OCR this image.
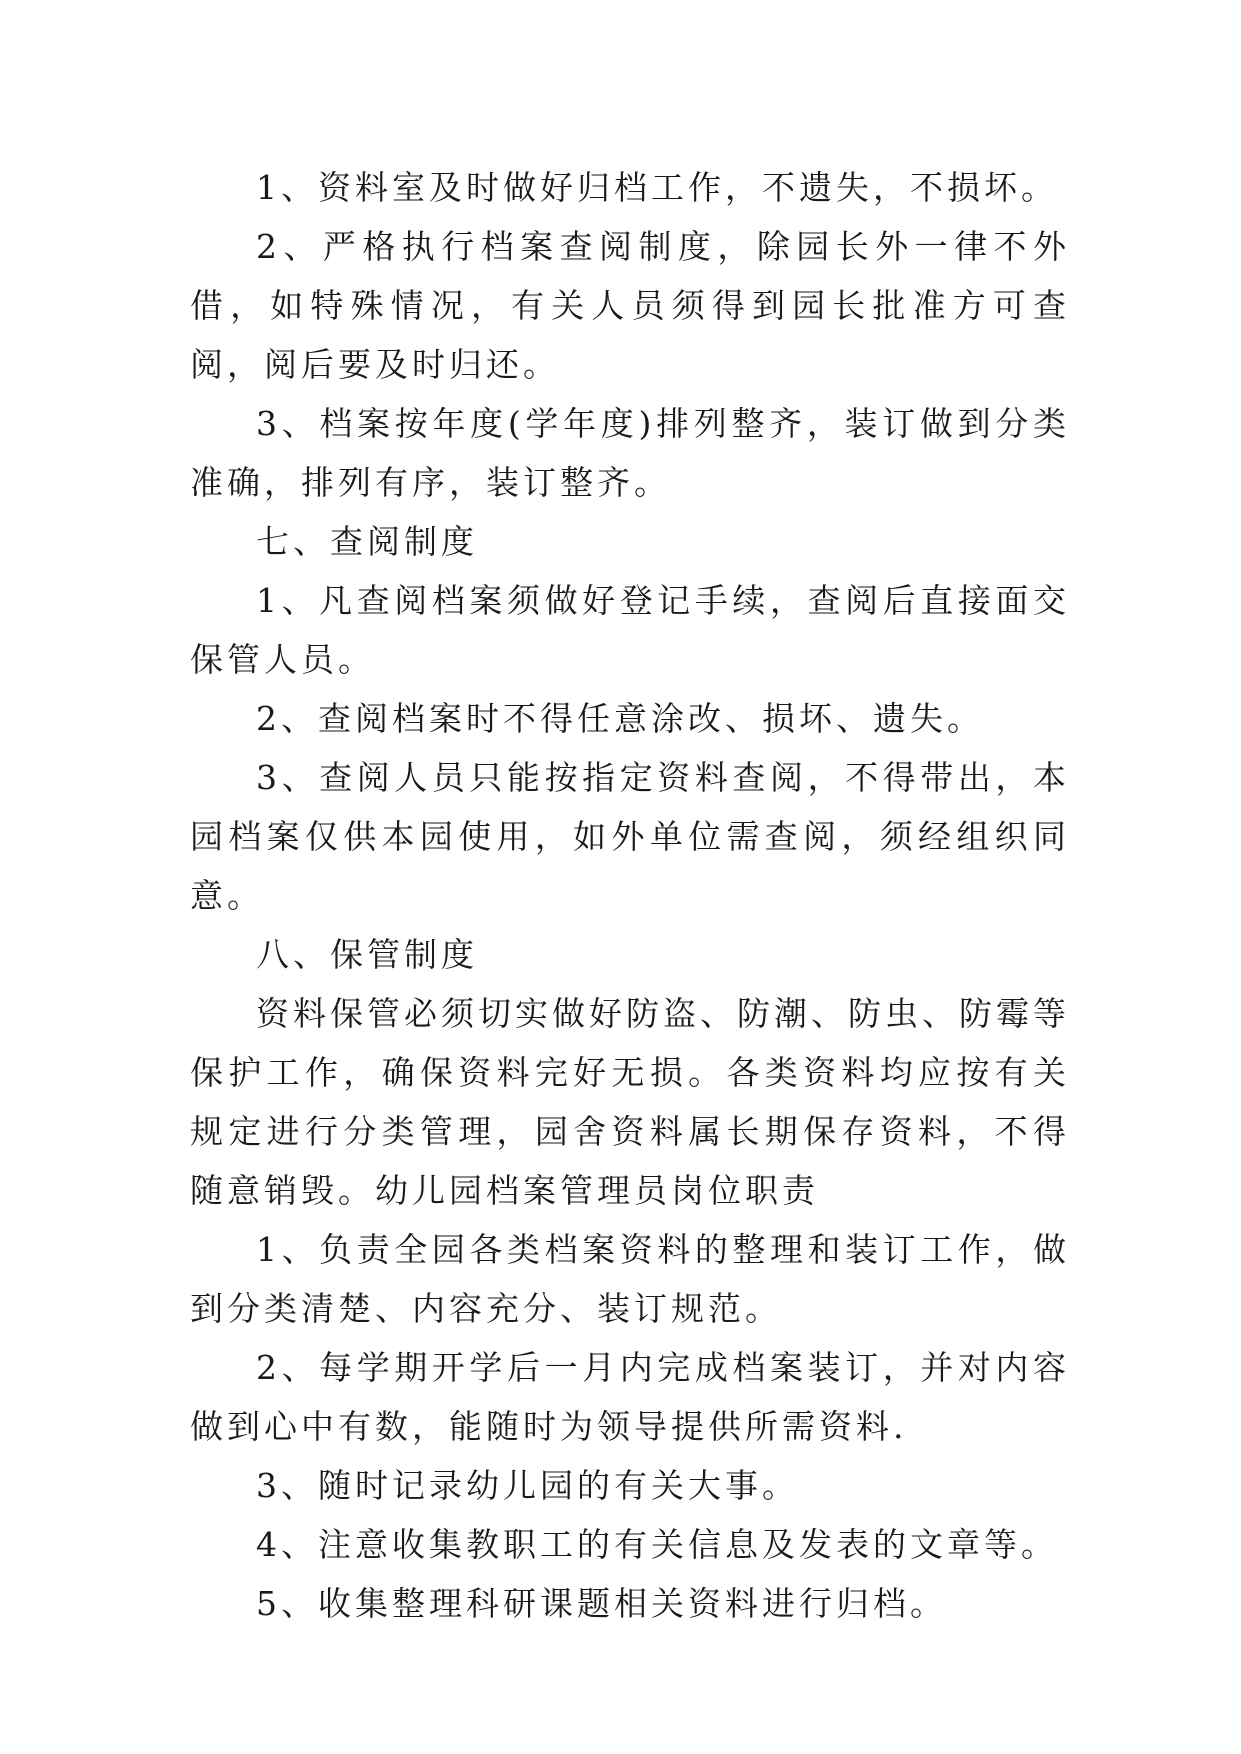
1、资料室及时做好归档工作，不遗失，不损坏。

2、严格执行档案查阅制度，除园长外一律不外借，如特殊情况，有关人员须得到园长批准方可查阅，阅后要及时归还。

3、档案按年度(学年度)排列整齐，装订做到分类准确，排列有序，装订整齐。

七、查阅制度

1、凡查阅档案须做好登记手续，查阅后直接面交保管人员。

2、查阅档案时不得任意涂改、损坏、遗失。

3、查阅人员只能按指定资料查阅，不得带出，本园档案仅供本园使用，如外单位需查阅，须经组织同意。

八、保管制度

资料保管必须切实做好防盗、防潮、防虫、防霉等保护工作，确保资料完好无损。各类资料均应按有关规定进行分类管理，园舍资料属长期保存资料，不得随意销毁。幼儿园档案管理员岗位职责

1、负责全园各类档案资料的整理和装订工作，做到分类清楚、内容充分、装订规范。

2、每学期开学后一月内完成档案装订，并对内容做到心中有数，能随时为领导提供所需资料.

3、随时记录幼儿园的有关大事。

4、注意收集教职工的有关信息及发表的文章等。

5、收集整理科研课题相关资料进行归档。
